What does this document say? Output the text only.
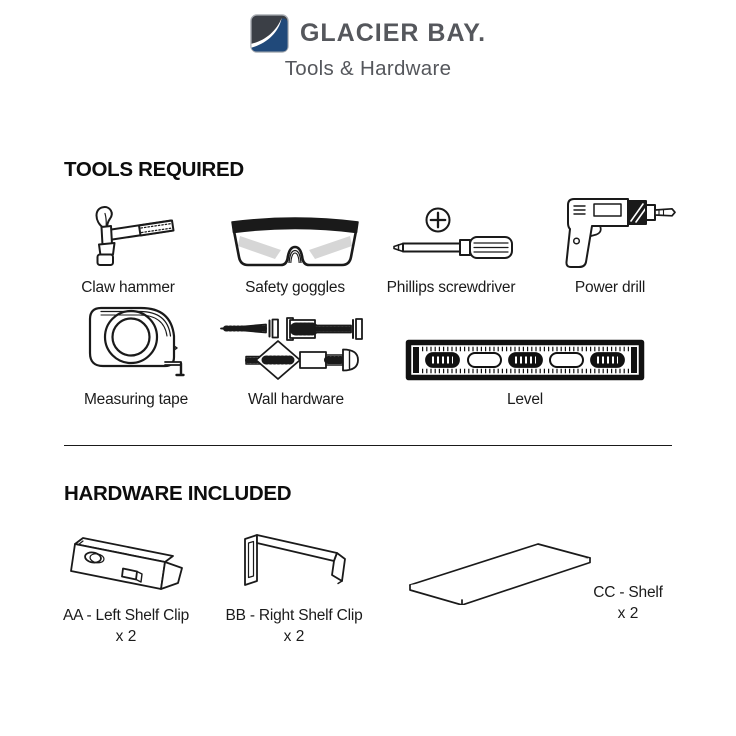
GLACIER BAY.
Tools & Hardware
TOOLS REQUIRED
Claw hammer	Safety goggles	Phillips screwdriver	Power drill
Measuring tape	Wall hardware	Level
HARDWARE INCLUDED
AA - Left Shelf Clip
x 2
BB - Right Shelf Clip
x 2
CC - Shelf
x 2
